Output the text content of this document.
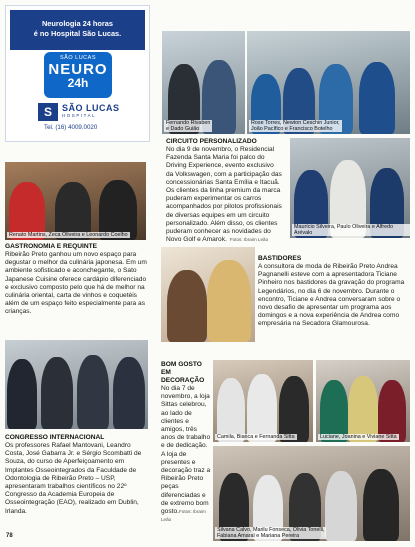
Neurologia 24 horas
é no Hospital São Lucas.
SÃO LUCAS
NEURO
24h
S	SÃO LUCAS
HOSPITAL
Tel. (16) 4009.0020
Fernando Rivaben
e Dado Guião
Rose Torres, Newton Ceschin Junior,
João Pacífico e Francisco Botelho
CIRCUITO PERSONALIZADO
No dia 9 de novembro, o Residencial Fazenda Santa Maria foi palco do Driving Experience, evento exclusivo da Volkswagen, com a participação das concessionárias Santa Emília e Itacuã. Os clientes da linha premium da marca puderam experimentar os carros acompanhados por pilotos profissionais de diversas equipes em um circuito personalizado. Além disso, os clientes puderam conhecer as novidades do Novo Golf e Amarok. Fotos: Ibraim Leão
Maurício Silveira, Paulo Oliveira e Alfredo Arévalo
Renato Martins, Zeca Oliveira e Leonardo Coelho
GASTRONOMIA E REQUINTE
Ribeirão Preto ganhou um novo espaço para degustar o melhor da culinária japonesa. Em um ambiente sofisticado e aconchegante, o Sato Japanese Cuisine oferece cardápio diferenciado e exclusivo composto pelo que há de melhor na culinária oriental, carta de vinhos e coquetéis além de um espaço feito especialmente para as crianças.
BASTIDORES
A consultora de moda de Ribeirão Preto Andrea Pagnanelli esteve com a apresentadora Ticiane Pinheiro nos bastidores da gravação do programa Legendários, no dia 6 de novembro. Durante o encontro, Ticiane e Andrea conversaram sobre o novo desafio de apresentar um programa aos domingos e a nova experiência de Andrea como empresária na Secadora Glamourosa.
CONGRESSO INTERNACIONAL
Os professores Rafael Mantovani, Leandro Costa, José Gabarra Jr. e Sérgio Scombatti de Souza, do curso de Aperfeiçoamento em Implantes Osseointegrados da Faculdade de Odontologia de Ribeirão Preto – USP, apresentaram trabalhos científicos no 22º Congresso da Academia Europeia de Osseointegração (EAO), realizado em Dublin, Irlanda.
BOM GOSTO EM DECORAÇÃO
No dia 7 de novembro, a loja Sittas celebrou, ao lado de clientes e amigos, três anos de trabalho e de dedicação. A loja de presentes e decoração traz a Ribeirão Preto peças diferenciadas e de extremo bom gosto.Fotos: Ibraim Leão
Camila, Bianca e Fernanda Sitta	Luciane, Joanina e Viviane Sitta
Silvana Calvo, Marilu Fonseca, Olivia Tonelli,
Fabiana Amaral e Mariana Pereira
78
